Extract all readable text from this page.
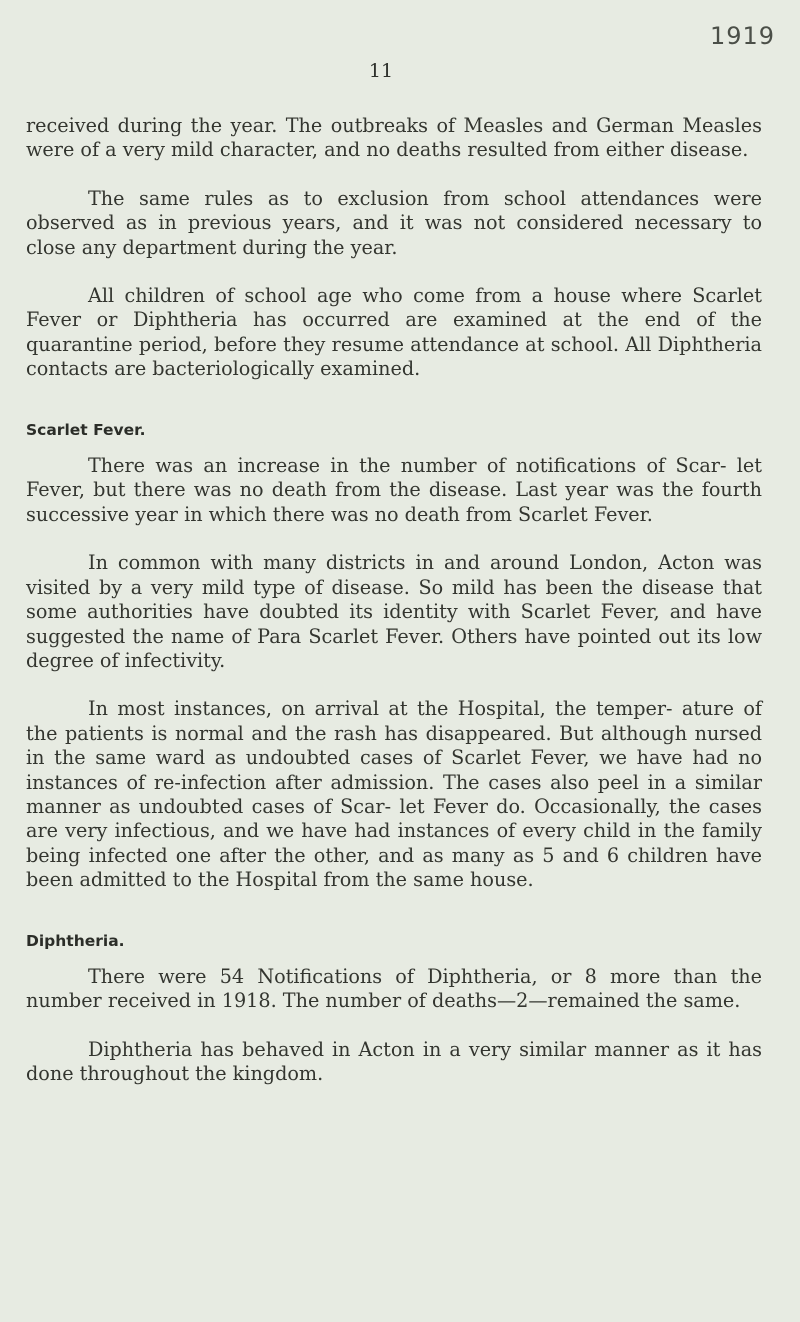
1919
11

received during the year. The outbreaks of Measles and German Measles were of a very mild character, and no deaths resulted from either disease.

The same rules as to exclusion from school attendances were observed as in previous years, and it was not considered necessary to close any department during the year.

All children of school age who come from a house where Scarlet Fever or Diphtheria has occurred are examined at the end of the quarantine period, before they resume attendance at school. All Diphtheria contacts are bacteriologically examined.

Scarlet Fever.

There was an increase in the number of notifications of Scar- let Fever, but there was no death from the disease. Last year was the fourth successive year in which there was no death from Scarlet Fever.

In common with many districts in and around London, Acton was visited by a very mild type of disease. So mild has been the disease that some authorities have doubted its identity with Scarlet Fever, and have suggested the name of Para Scarlet Fever. Others have pointed out its low degree of infectivity.

In most instances, on arrival at the Hospital, the temper- ature of the patients is normal and the rash has disappeared. But although nursed in the same ward as undoubted cases of Scarlet Fever, we have had no instances of re-infection after admission. The cases also peel in a similar manner as undoubted cases of Scar- let Fever do. Occasionally, the cases are very infectious, and we have had instances of every child in the family being infected one after the other, and as many as 5 and 6 children have been admitted to the Hospital from the same house.

Diphtheria.

There were 54 Notifications of Diphtheria, or 8 more than the number received in 1918. The number of deaths—2—remained the same.

Diphtheria has behaved in Acton in a very similar manner as it has done throughout the kingdom.
